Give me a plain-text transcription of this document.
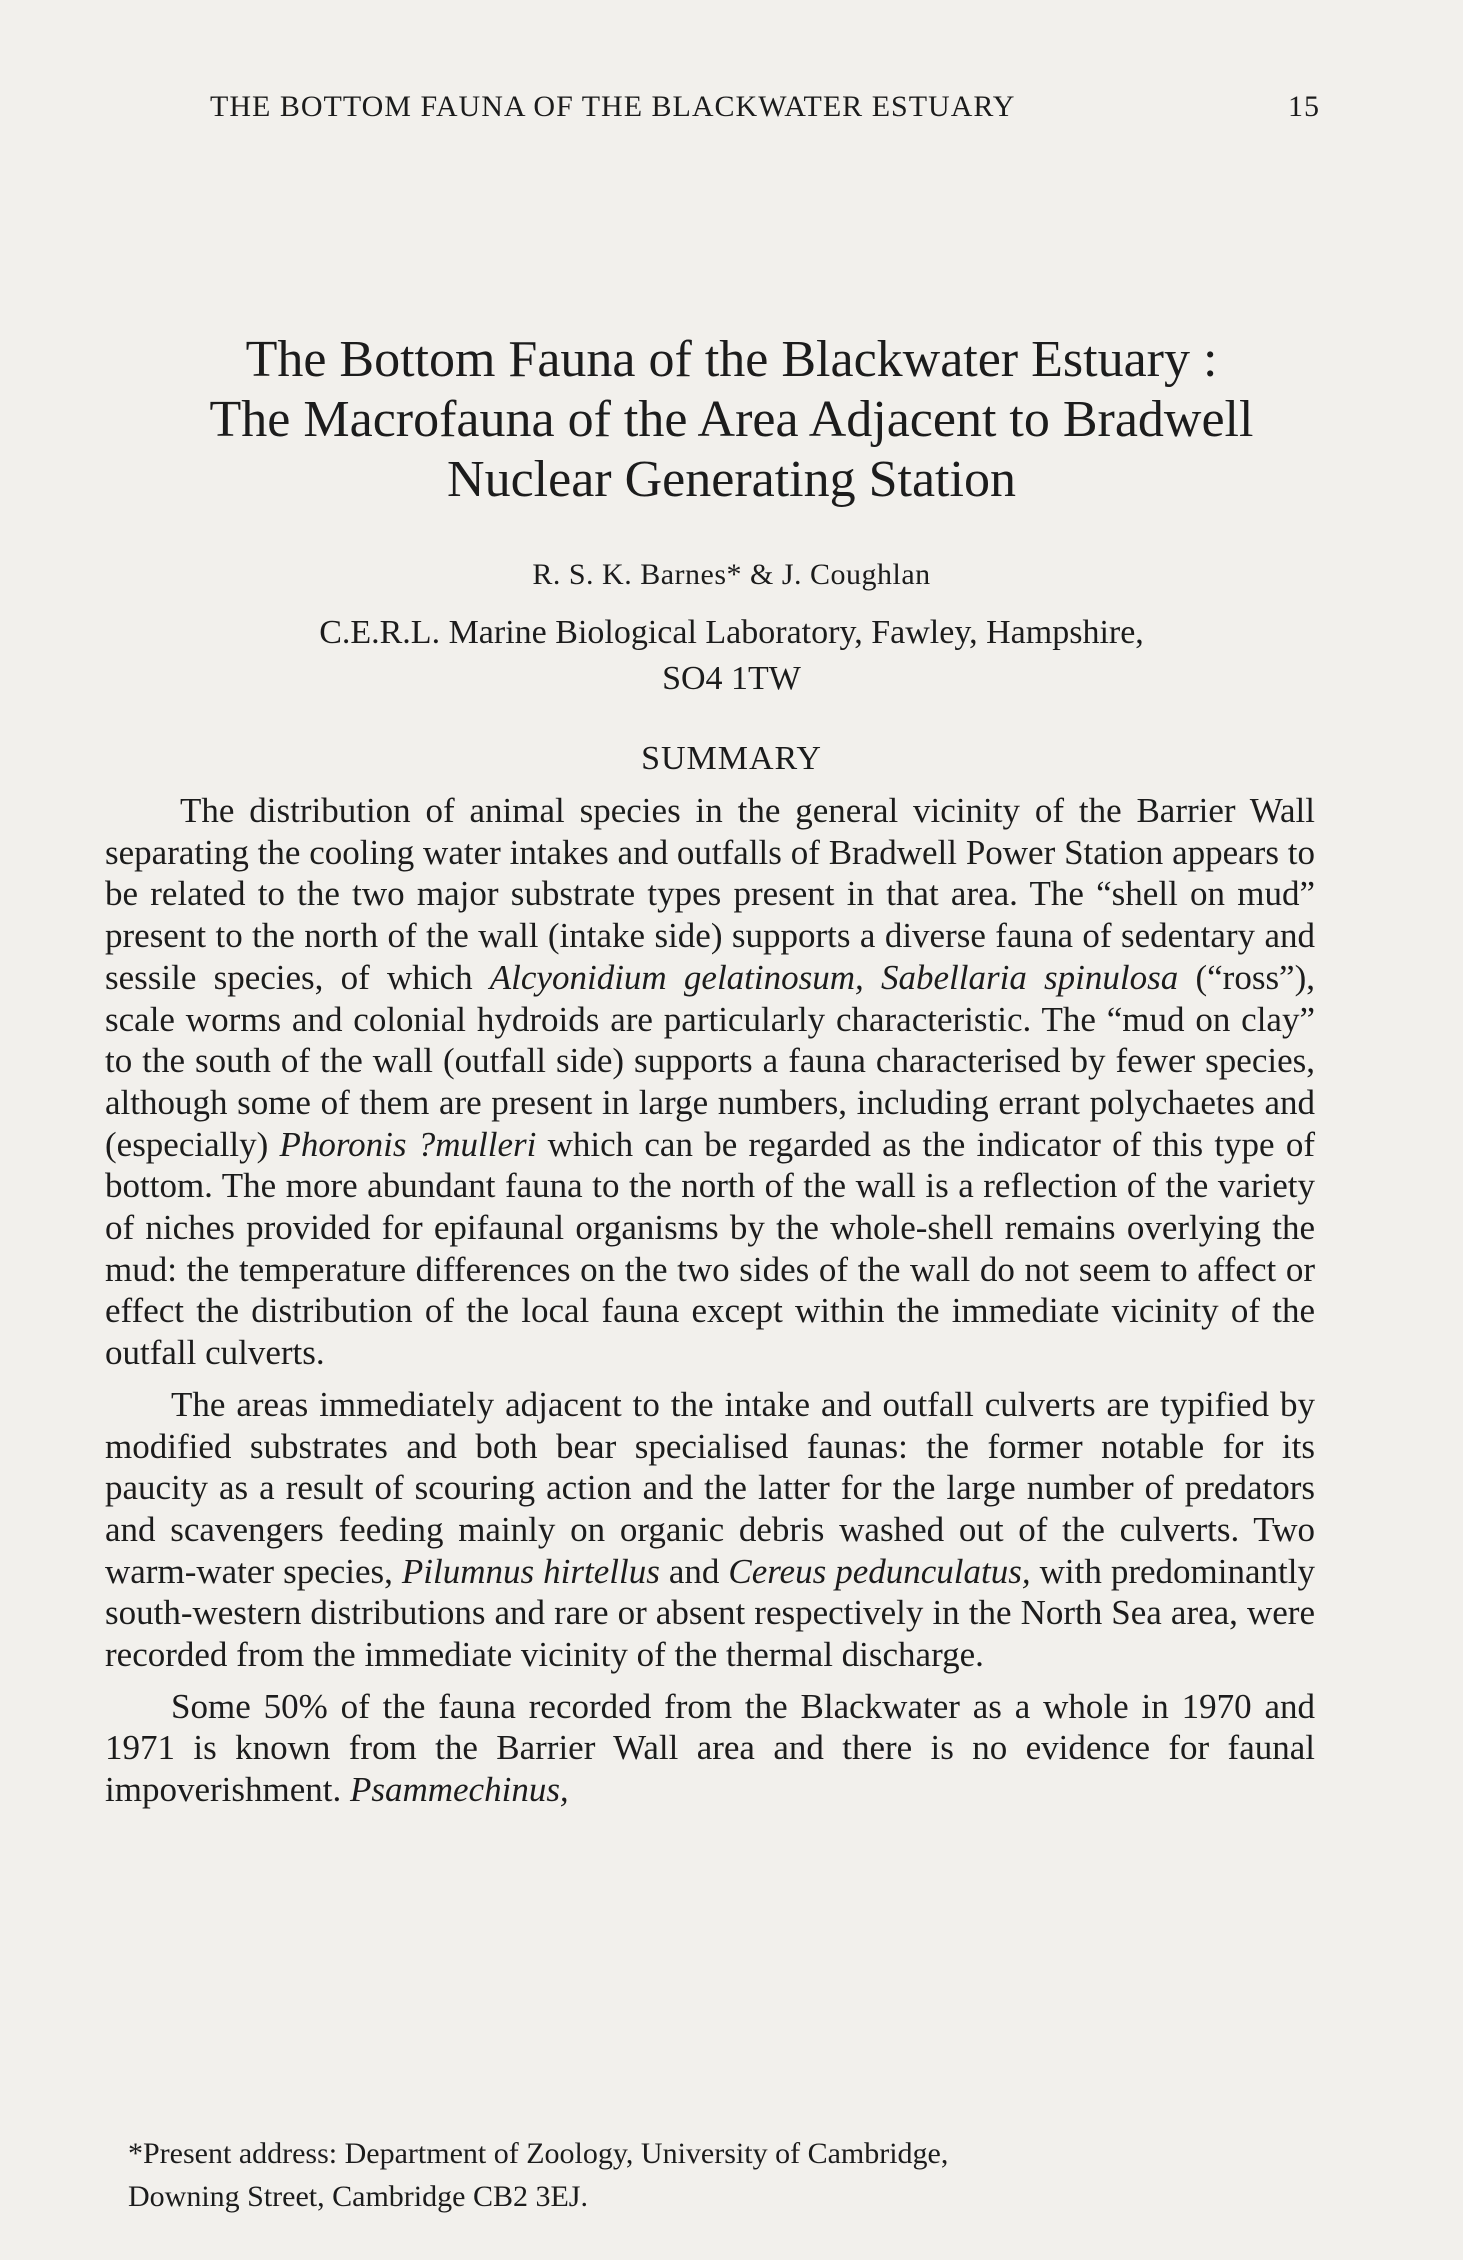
THE BOTTOM FAUNA OF THE BLACKWATER ESTUARY	15
The Bottom Fauna of the Blackwater Estuary :
The Macrofauna of the Area Adjacent to Bradwell
Nuclear Generating Station
R. S. K. Barnes* & J. Coughlan
C.E.R.L. Marine Biological Laboratory, Fawley, Hampshire,
SO4 1TW
SUMMARY

The distribution of animal species in the general vicinity of the Barrier Wall separating the cooling water intakes and outfalls of Bradwell Power Station appears to be related to the two major substrate types present in that area. The “shell on mud” present to the north of the wall (intake side) supports a diverse fauna of sedentary and sessile species, of which Alcyonidium gelatinosum, Sabellaria spinulosa (“ross”), scale worms and colonial hydroids are particularly characteristic. The “mud on clay” to the south of the wall (outfall side) supports a fauna characterised by fewer species, although some of them are present in large numbers, including errant polychaetes and (especially) Phoronis ?mulleri which can be regarded as the indicator of this type of bottom. The more abundant fauna to the north of the wall is a reflection of the variety of niches provided for epifaunal organisms by the whole-shell remains overlying the mud: the temperature differences on the two sides of the wall do not seem to affect or effect the distribution of the local fauna except within the immediate vicinity of the outfall culverts.

The areas immediately adjacent to the intake and outfall culverts are typified by modified substrates and both bear specialised faunas: the former notable for its paucity as a result of scouring action and the latter for the large number of predators and scavengers feeding mainly on organic debris washed out of the culverts. Two warm-water species, Pilumnus hirtellus and Cereus pedunculatus, with predominantly south-western distributions and rare or absent respectively in the North Sea area, were recorded from the immediate vicinity of the thermal discharge.

Some 50% of the fauna recorded from the Blackwater as a whole in 1970 and 1971 is known from the Barrier Wall area and there is no evidence for faunal impoverishment. Psammechinus,

*Present address: Department of Zoology, University of Cambridge,
Downing Street, Cambridge CB2 3EJ.
